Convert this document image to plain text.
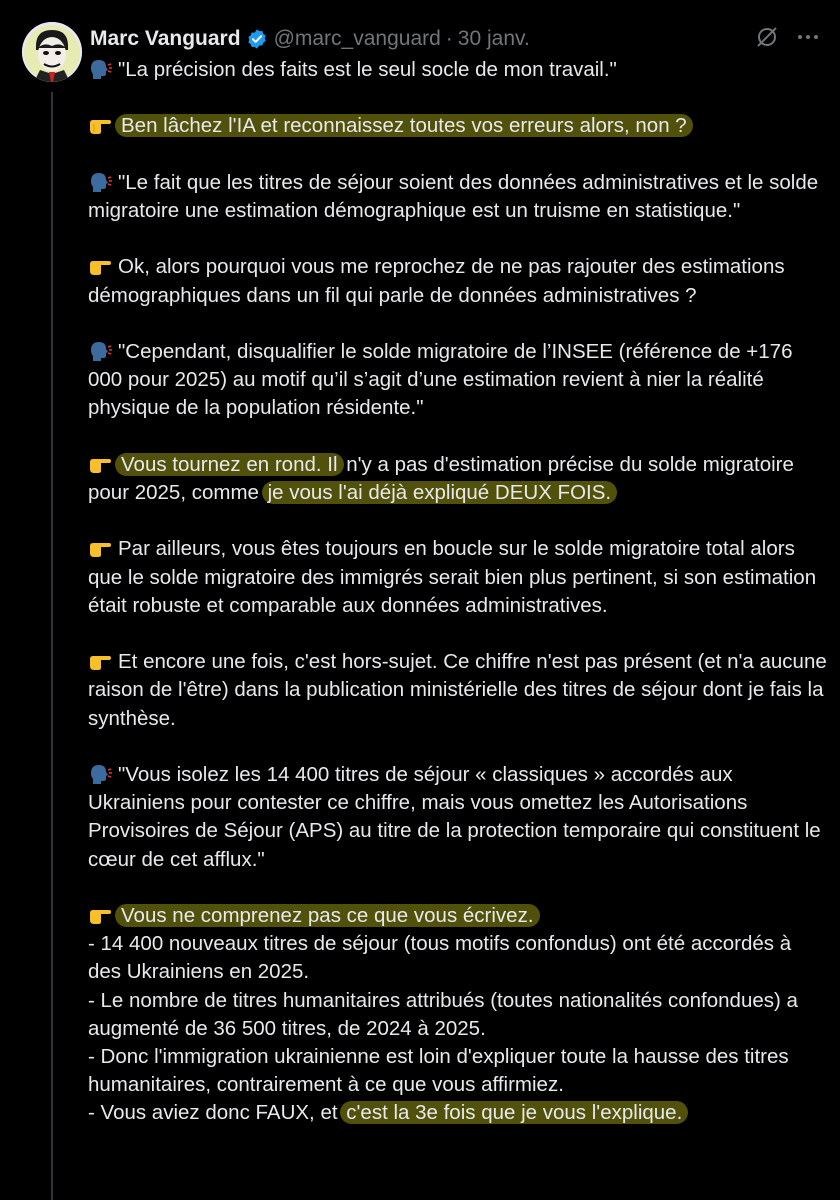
Marc Vanguard @marc_vanguard · 30 janv.

"La précision des faits est le seul socle de mon travail."

Ben lâchez l'IA et reconnaissez toutes vos erreurs alors, non ?

"Le fait que les titres de séjour soient des données administratives et le solde migratoire une estimation démographique est un truisme en statistique."

Ok, alors pourquoi vous me reprochez de ne pas rajouter des estimations démographiques dans un fil qui parle de données administratives ?

"Cependant, disqualifier le solde migratoire de l’INSEE (référence de +176 000 pour 2025) au motif qu’il s’agit d’une estimation revient à nier la réalité physique de la population résidente."

Vous tournez en rond. Il n'y a pas d'estimation précise du solde migratoire pour 2025, comme je vous l'ai déjà expliqué DEUX FOIS.

Par ailleurs, vous êtes toujours en boucle sur le solde migratoire total alors que le solde migratoire des immigrés serait bien plus pertinent, si son estimation était robuste et comparable aux données administratives.

Et encore une fois, c'est hors-sujet. Ce chiffre n'est pas présent (et n'a aucune raison de l'être) dans la publication ministérielle des titres de séjour dont je fais la synthèse.

"Vous isolez les 14 400 titres de séjour « classiques » accordés aux Ukrainiens pour contester ce chiffre, mais vous omettez les Autorisations Provisoires de Séjour (APS) au titre de la protection temporaire qui constituent le cœur de cet afflux."

Vous ne comprenez pas ce que vous écrivez.

- 14 400 nouveaux titres de séjour (tous motifs confondus) ont été accordés à des Ukrainiens en 2025.

- Le nombre de titres humanitaires attribués (toutes nationalités confondues) a augmenté de 36 500 titres, de 2024 à 2025.

- Donc l'immigration ukrainienne est loin d'expliquer toute la hausse des titres humanitaires, contrairement à ce que vous affirmiez.

- Vous aviez donc FAUX, et c'est la 3e fois que je vous l'explique.
